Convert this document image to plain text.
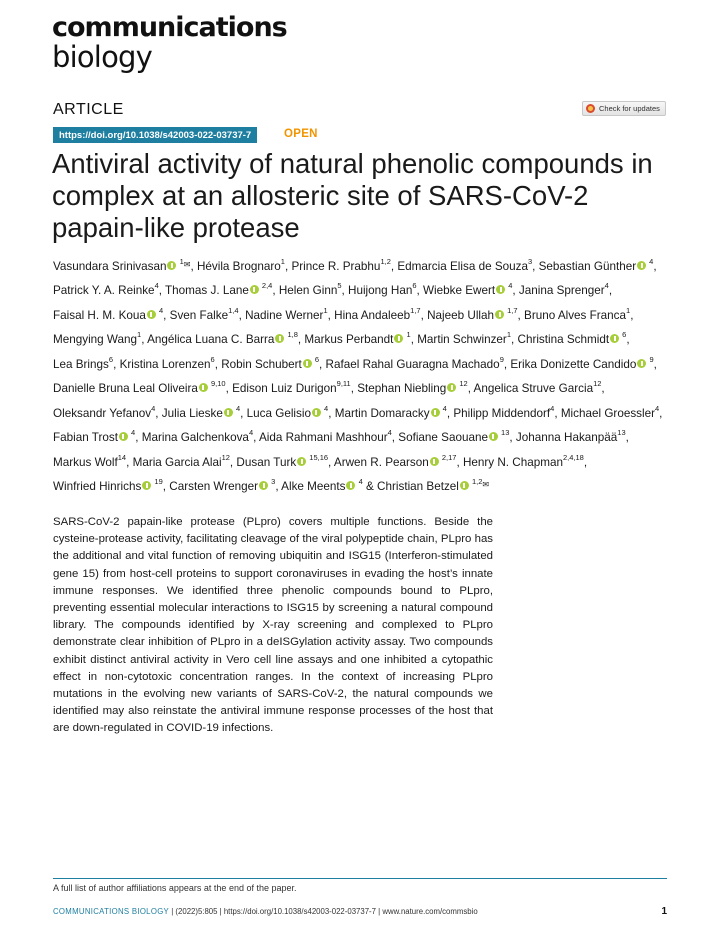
communications
biology
ARTICLE	Check for updates
https://doi.org/10.1038/s42003-022-03737-7	OPEN
Antiviral activity of natural phenolic compounds in complex at an allosteric site of SARS-CoV-2 papain-like protease
Vasundara Srinivasan $^{1✉}$, Hévila Brognaro$^1$, Prince R. Prabhu$^{1,2}$, Edmarcia Elisa de Souza$^3$, Sebastian Günther $^4$, Patrick Y. A. Reinke$^4$, Thomas J. Lane $^{2,4}$, Helen Ginn$^5$, Huijong Han$^6$, Wiebke Ewert $^4$, Janina Sprenger$^4$, Faisal H. M. Koua $^4$, Sven Falke$^{1,4}$, Nadine Werner$^1$, Hina Andaleeb$^{1,7}$, Najeeb Ullah $^{1,7}$, Bruno Alves Franca$^1$, Mengying Wang$^1$, Angélica Luana C. Barra $^{1,8}$, Markus Perbandt $^1$, Martin Schwinzer$^1$, Christina Schmidt $^6$, Lea Brings$^6$, Kristina Lorenzen$^6$, Robin Schubert $^6$, Rafael Rahal Guaragna Machado$^9$, Erika Donizette Candido $^9$, Danielle Bruna Leal Oliveira $^{9,10}$, Edison Luiz Durigon$^{9,11}$, Stephan Niebling $^{12}$, Angelica Struve Garcia$^{12}$, Oleksandr Yefanov$^4$, Julia Lieske $^4$, Luca Gelisio $^4$, Martin Domaracky $^4$, Philipp Middendorf$^4$, Michael Groessler$^4$, Fabian Trost $^4$, Marina Galchenkova$^4$, Aida Rahmani Mashhour$^4$, Sofiane Saouane $^{13}$, Johanna Hakanpää$^{13}$, Markus Wolf$^{14}$, Maria Garcia Alai$^{12}$, Dusan Turk $^{15,16}$, Arwen R. Pearson $^{2,17}$, Henry N. Chapman$^{2,4,18}$, Winfried Hinrichs $^{19}$, Carsten Wrenger $^3$, Alke Meents $^4$ & Christian Betzel $^{1,2✉}$

SARS-CoV-2 papain-like protease (PLpro) covers multiple functions. Beside the cysteine-protease activity, facilitating cleavage of the viral polypeptide chain, PLpro has the additional and vital function of removing ubiquitin and ISG15 (Interferon-stimulated gene 15) from host-cell proteins to support coronaviruses in evading the host’s innate immune responses. We identified three phenolic compounds bound to PLpro, preventing essential molecular interactions to ISG15 by screening a natural compound library. The compounds identified by X-ray screening and complexed to PLpro demonstrate clear inhibition of PLpro in a deISGylation activity assay. Two compounds exhibit distinct antiviral activity in Vero cell line assays and one inhibited a cytopathic effect in non-cytotoxic concentration ranges. In the context of increasing PLpro mutations in the evolving new variants of SARS-CoV-2, the natural compounds we identified may also reinstate the antiviral immune response processes of the host that are down-regulated in COVID-19 infections.

A full list of author affiliations appears at the end of the paper.
COMMUNICATIONS BIOLOGY | (2022)5:805 | https://doi.org/10.1038/s42003-022-03737-7 | www.nature.com/commsbio	1
